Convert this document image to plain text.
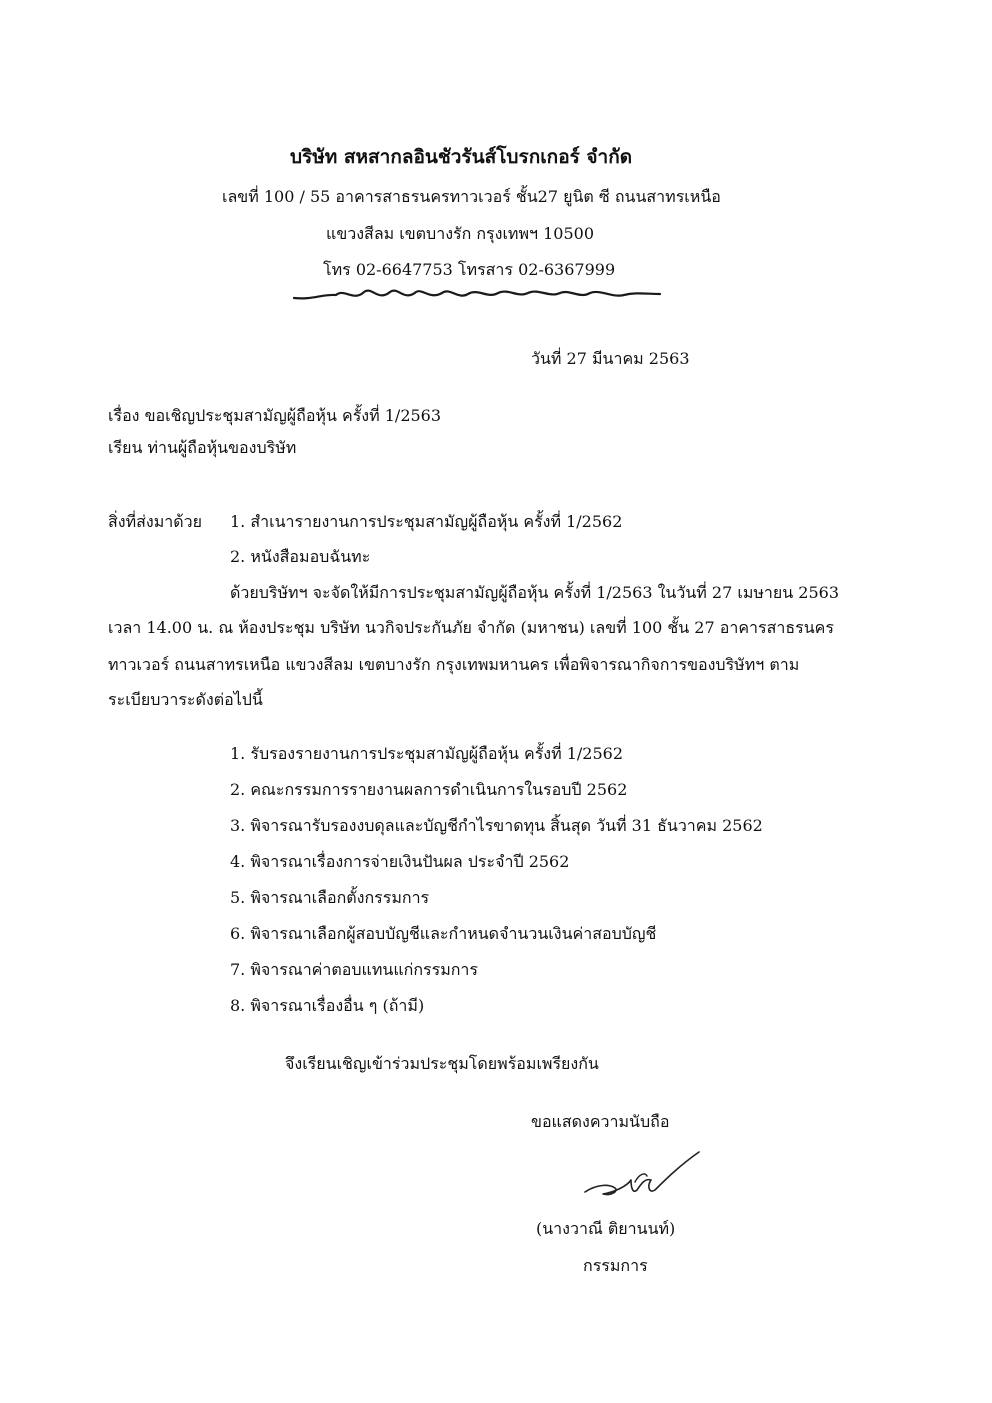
บริษัท สหสากลอินชัวรันส์โบรกเกอร์ จำกัด
เลขที่ 100 / 55 อาคารสาธรนครทาวเวอร์ ชั้น27 ยูนิต ซี ถนนสาทรเหนือ
แขวงสีลม เขตบางรัก กรุงเทพฯ 10500
โทร 02-6647753 โทรสาร 02-6367999
วันที่ 27 มีนาคม 2563
เรื่อง ขอเชิญประชุมสามัญผู้ถือหุ้น ครั้งที่ 1/2563
เรียน ท่านผู้ถือหุ้นของบริษัท
สิ่งที่ส่งมาด้วย 1. สำเนารายงานการประชุมสามัญผู้ถือหุ้น ครั้งที่ 1/2562
2. หนังสือมอบฉันทะ
ด้วยบริษัทฯ จะจัดให้มีการประชุมสามัญผู้ถือหุ้น ครั้งที่ 1/2563 ในวันที่ 27 เมษายน 2563
เวลา 14.00 น. ณ ห้องประชุม บริษัท นวกิจประกันภัย จำกัด (มหาชน) เลขที่ 100 ชั้น 27 อาคารสาธรนคร
ทาวเวอร์ ถนนสาทรเหนือ แขวงสีลม เขตบางรัก กรุงเทพมหานคร เพื่อพิจารณากิจการของบริษัทฯ ตาม
ระเบียบวาระดังต่อไปนี้
1. รับรองรายงานการประชุมสามัญผู้ถือหุ้น ครั้งที่ 1/2562
2. คณะกรรมการรายงานผลการดำเนินการในรอบปี 2562
3. พิจารณารับรองงบดุลและบัญชีกำไรขาดทุน สิ้นสุด วันที่ 31 ธันวาคม 2562
4. พิจารณาเรื่องการจ่ายเงินปันผล ประจำปี 2562
5. พิจารณาเลือกตั้งกรรมการ
6. พิจารณาเลือกผู้สอบบัญชีและกำหนดจำนวนเงินค่าสอบบัญชี
7. พิจารณาค่าตอบแทนแก่กรรมการ
8. พิจารณาเรื่องอื่น ๆ (ถ้ามี)
จึงเรียนเชิญเข้าร่วมประชุมโดยพร้อมเพรียงกัน
ขอแสดงความนับถือ
(นางวาณี ติยานนท์)
กรรมการ
